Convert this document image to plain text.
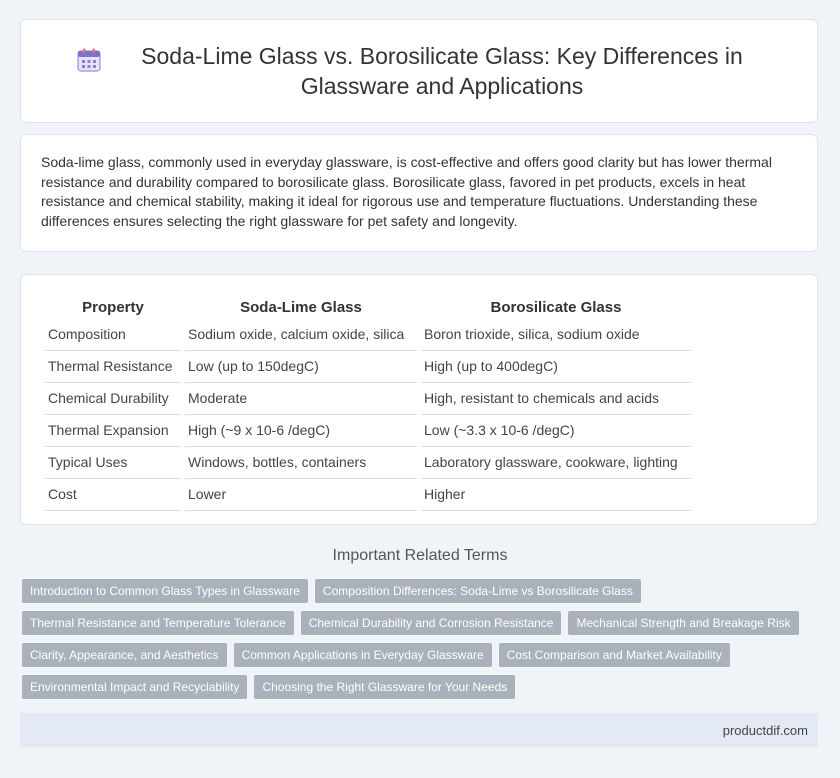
Soda-Lime Glass vs. Borosilicate Glass: Key Differences in Glassware and Applications

Soda-lime glass, commonly used in everyday glassware, is cost-effective and offers good clarity but has lower thermal resistance and durability compared to borosilicate glass. Borosilicate glass, favored in pet products, excels in heat resistance and chemical stability, making it ideal for rigorous use and temperature fluctuations. Understanding these differences ensures selecting the right glassware for pet safety and longevity.

Property	Soda-Lime Glass	Borosilicate Glass
Composition	Sodium oxide, calcium oxide, silica	Boron trioxide, silica, sodium oxide
Thermal Resistance	Low (up to 150degC)	High (up to 400degC)
Chemical Durability	Moderate	High, resistant to chemicals and acids
Thermal Expansion	High (~9 x 10-6 /degC)	Low (~3.3 x 10-6 /degC)
Typical Uses	Windows, bottles, containers	Laboratory glassware, cookware, lighting
Cost	Lower	Higher
Important Related Terms
Introduction to Common Glass Types in Glassware	Composition Differences: Soda-Lime vs Borosilicate Glass
Thermal Resistance and Temperature Tolerance	Chemical Durability and Corrosion Resistance	Mechanical Strength and Breakage Risk
Clarity, Appearance, and Aesthetics	Common Applications in Everyday Glassware	Cost Comparison and Market Availability
Environmental Impact and Recyclability	Choosing the Right Glassware for Your Needs
productdif.com
